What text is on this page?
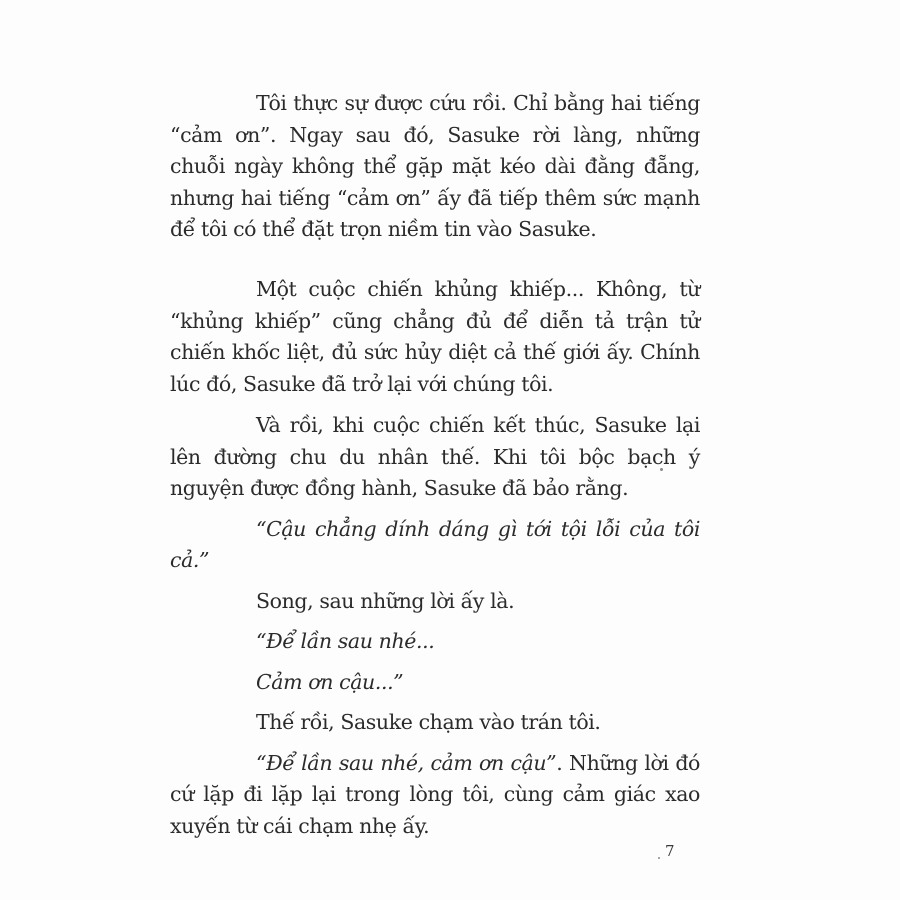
Tôi thực sự được cứu rồi. Chỉ bằng hai tiếng “cảm ơn”. Ngay sau đó, Sasuke rời làng, những chuỗi ngày không thể gặp mặt kéo dài đằng đẵng, nhưng hai tiếng “cảm ơn” ấy đã tiếp thêm sức mạnh để tôi có thể đặt trọn niềm tin vào Sasuke.

Một cuộc chiến khủng khiếp... Không, từ “khủng khiếp” cũng chẳng đủ để diễn tả trận tử chiến khốc liệt, đủ sức hủy diệt cả thế giới ấy. Chính lúc đó, Sasuke đã trở lại với chúng tôi.

Và rồi, khi cuộc chiến kết thúc, Sasuke lại lên đường chu du nhân thế. Khi tôi bộc bạch ý nguyện được đồng hành, Sasuke đã bảo rằng.

“Cậu chẳng dính dáng gì tới tội lỗi của tôi cả.”

Song, sau những lời ấy là.

“Để lần sau nhé...

Cảm ơn cậu...”

Thế rồi, Sasuke chạm vào trán tôi.

“Để lần sau nhé, cảm ơn cậu”. Những lời đó cứ lặp đi lặp lại trong lòng tôi, cùng cảm giác xao xuyến từ cái chạm nhẹ ấy.

7
